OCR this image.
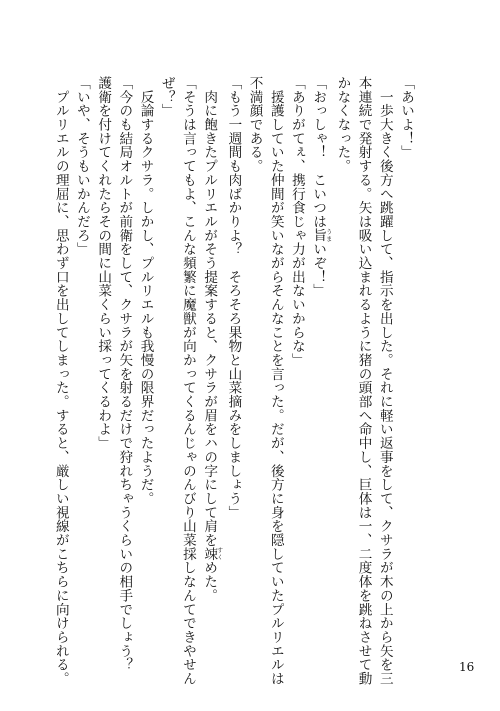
「あいよ！」
　一歩大きく後方へ跳躍して、指示を出した。それに軽い返事をして、クサラが木の上から矢を三
本連続で発射する。矢は吸い込まれるように猪の頭部へ命中し、巨体は一、二度体を跳ねさせて動
かなくなった。
「おっしゃ！　こいつは旨うまいぞ！」
「ありがてぇ、携行食じゃ力が出ないからな」
　援護していた仲間が笑いながらそんなことを言った。だが、後方に身を隠していたプルリエルは
不満顔である。
「もう一週間も肉ばかりよ？　そろそろ果物と山菜摘みをしましょう」
　肉に飽きたプルリエルがそう提案すると、クサラが眉をハの字にして肩を竦すくめた。
「そうは言ってもよ、こんな頻繁に魔獣が向かってくるんじゃのんびり山菜採しなんてできやせん
ぜ？」
　反論するクサラ。しかし、プルリエルも我慢の限界だったようだ。
「今のも結局オルトが前衛をして、クサラが矢を射るだけで狩れちゃうくらいの相手でしょう？
護衛を付けてくれたらその間に山菜くらい採ってくるわよ」
「いや、そうもいかんだろ」
　プルリエルの理屈に、思わず口を出してしまった。すると、厳しい視線がこちらに向けられる。	16
